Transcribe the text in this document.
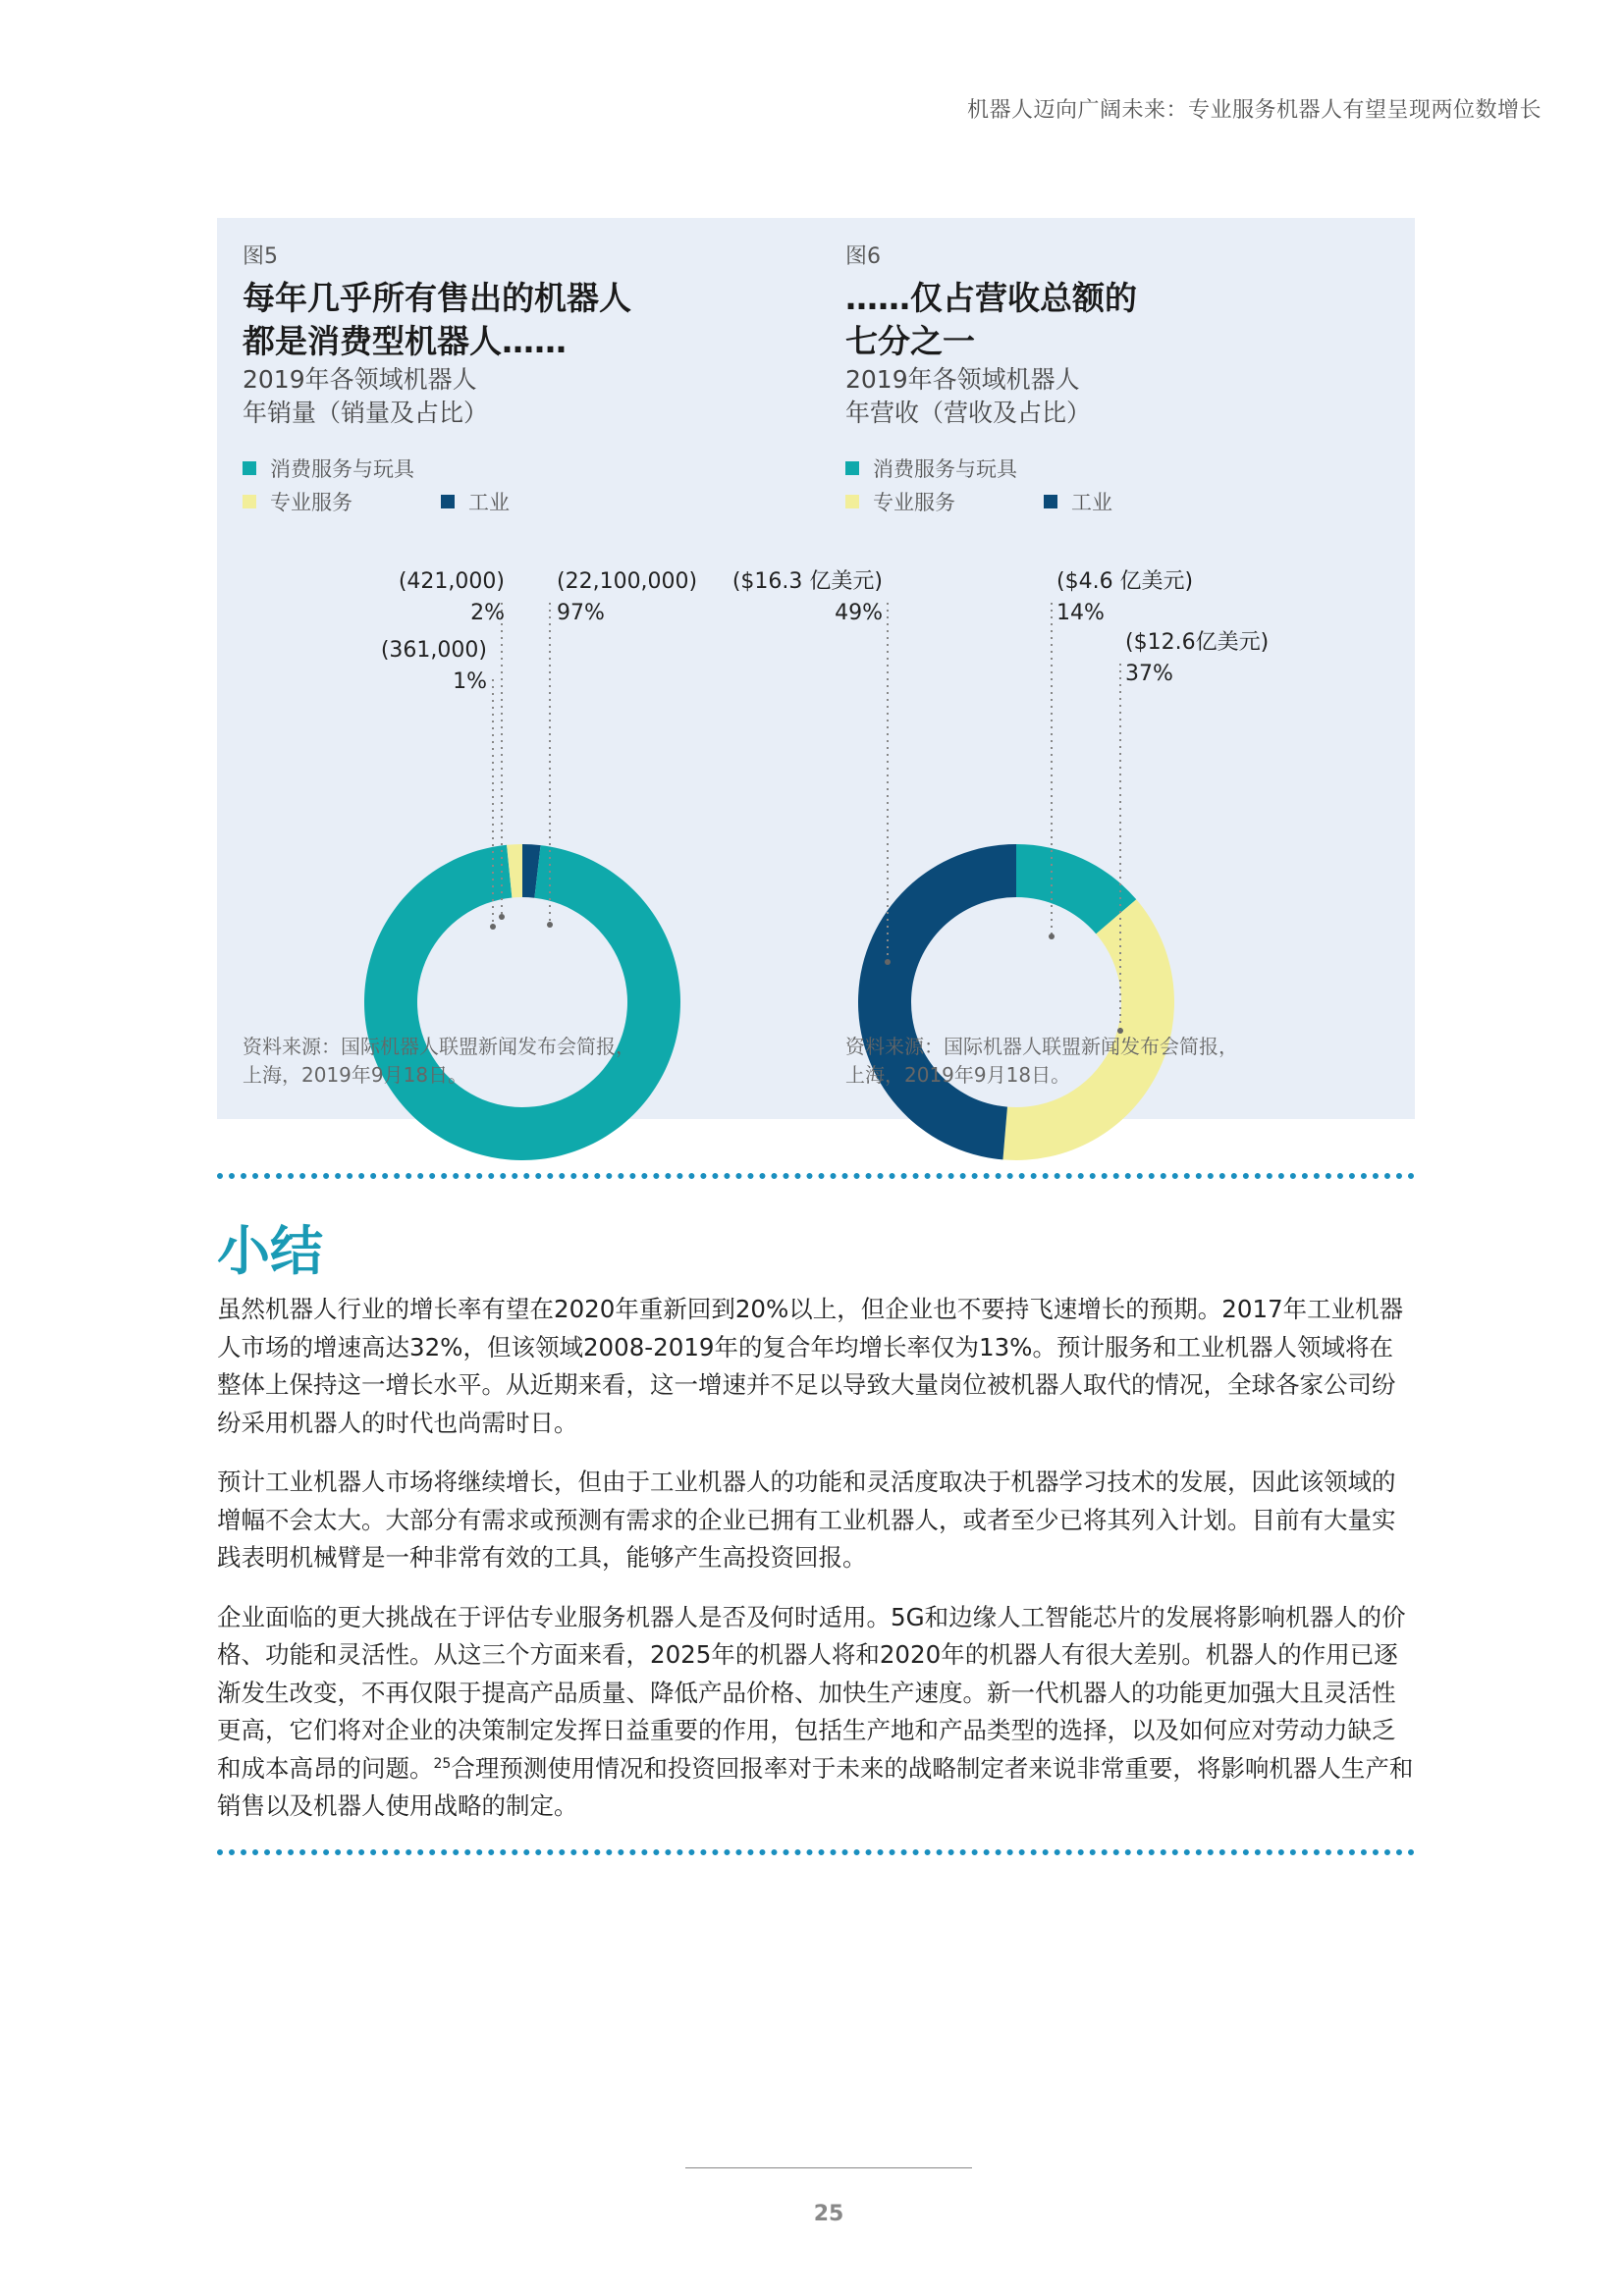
机器人迈向广阔未来：专业服务机器人有望呈现两位数增长
图5
每年几乎所有售出的机器人
都是消费型机器人……
2019年各领域机器人
年销量（销量及占比）
消费服务与玩具
专业服务	工业
(421,000)
2%
(22,100,000)
97%
(361,000)
1%
资料来源：国际机器人联盟新闻发布会简报，
上海，2019年9月18日。
图6
……仅占营收总额的
七分之一
2019年各领域机器人
年营收（营收及占比）
消费服务与玩具
专业服务	工业
($16.3 亿美元)
49%
($4.6 亿美元)
14%
($12.6亿美元)
37%
资料来源：国际机器人联盟新闻发布会简报，
上海，2019年9月18日。
小结

虽然机器人行业的增长率有望在2020年重新回到20%以上，但企业也不要持飞速增长的预期。2017年工业机器人市场的增速高达32%，但该领域2008-2019年的复合年均增长率仅为13%。预计服务和工业机器人领域将在整体上保持这一增长水平。从近期来看，这一增速并不足以导致大量岗位被机器人取代的情况，全球各家公司纷纷采用机器人的时代也尚需时日。

预计工业机器人市场将继续增长，但由于工业机器人的功能和灵活度取决于机器学习技术的发展，因此该领域的增幅不会太大。大部分有需求或预测有需求的企业已拥有工业机器人，或者至少已将其列入计划。目前有大量实践表明机械臂是一种非常有效的工具，能够产生高投资回报。

企业面临的更大挑战在于评估专业服务机器人是否及何时适用。5G和边缘人工智能芯片的发展将影响机器人的价格、功能和灵活性。从这三个方面来看，2025年的机器人将和2020年的机器人有很大差别。机器人的作用已逐渐发生改变，不再仅限于提高产品质量、降低产品价格、加快生产速度。新一代机器人的功能更加强大且灵活性更高，它们将对企业的决策制定发挥日益重要的作用，包括生产地和产品类型的选择，以及如何应对劳动力缺乏和成本高昂的问题。$^{25}$合理预测使用情况和投资回报率对于未来的战略制定者来说非常重要，将影响机器人生产和销售以及机器人使用战略的制定。

25
